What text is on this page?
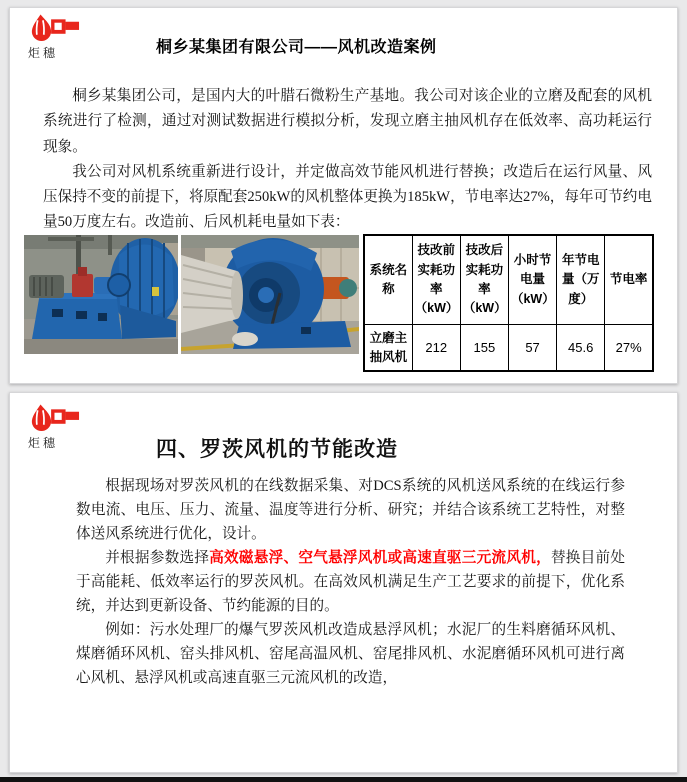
炬穗	桐乡某集团有限公司——风机改造案例

桐乡某集团公司，是国内大的叶腊石微粉生产基地。我公司对该企业的立磨及配套的风机系统进行了检测，通过对测试数据进行模拟分析，发现立磨主抽风机存在低效率、高功耗运行现象。

我公司对风机系统重新进行设计，并定做高效节能风机进行替换；改造后在运行风量、风压保持不变的前提下，将原配套250kW的风机整体更换为185kW，节电率达27%，每年可节约电量50万度左右。改造前、后风机耗电量如下表：

系统名称	技改前实耗功率（kW）	技改后实耗功率（kW）	小时节电量（kW）	年节电量（万度）	节电率
立磨主抽风机	212	155	57	45.6	27%
炬穗	四、罗茨风机的节能改造

根据现场对罗茨风机的在线数据采集、对DCS系统的风机送风系统的在线运行参数电流、电压、压力、流量、温度等进行分析、研究；并结合该系统工艺特性，对整体送风系统进行优化，设计。

并根据参数选择高效磁悬浮、空气悬浮风机或高速直驱三元流风机，替换目前处于高能耗、低效率运行的罗茨风机。在高效风机满足生产工艺要求的前提下，优化系统，并达到更新设备、节约能源的目的。

例如：污水处理厂的爆气罗茨风机改造成悬浮风机；水泥厂的生料磨循环风机、煤磨循环风机、窑头排风机、窑尾高温风机、窑尾排风机、水泥磨循环风机可进行离心风机、悬浮风机或高速直驱三元流风机的改造，
